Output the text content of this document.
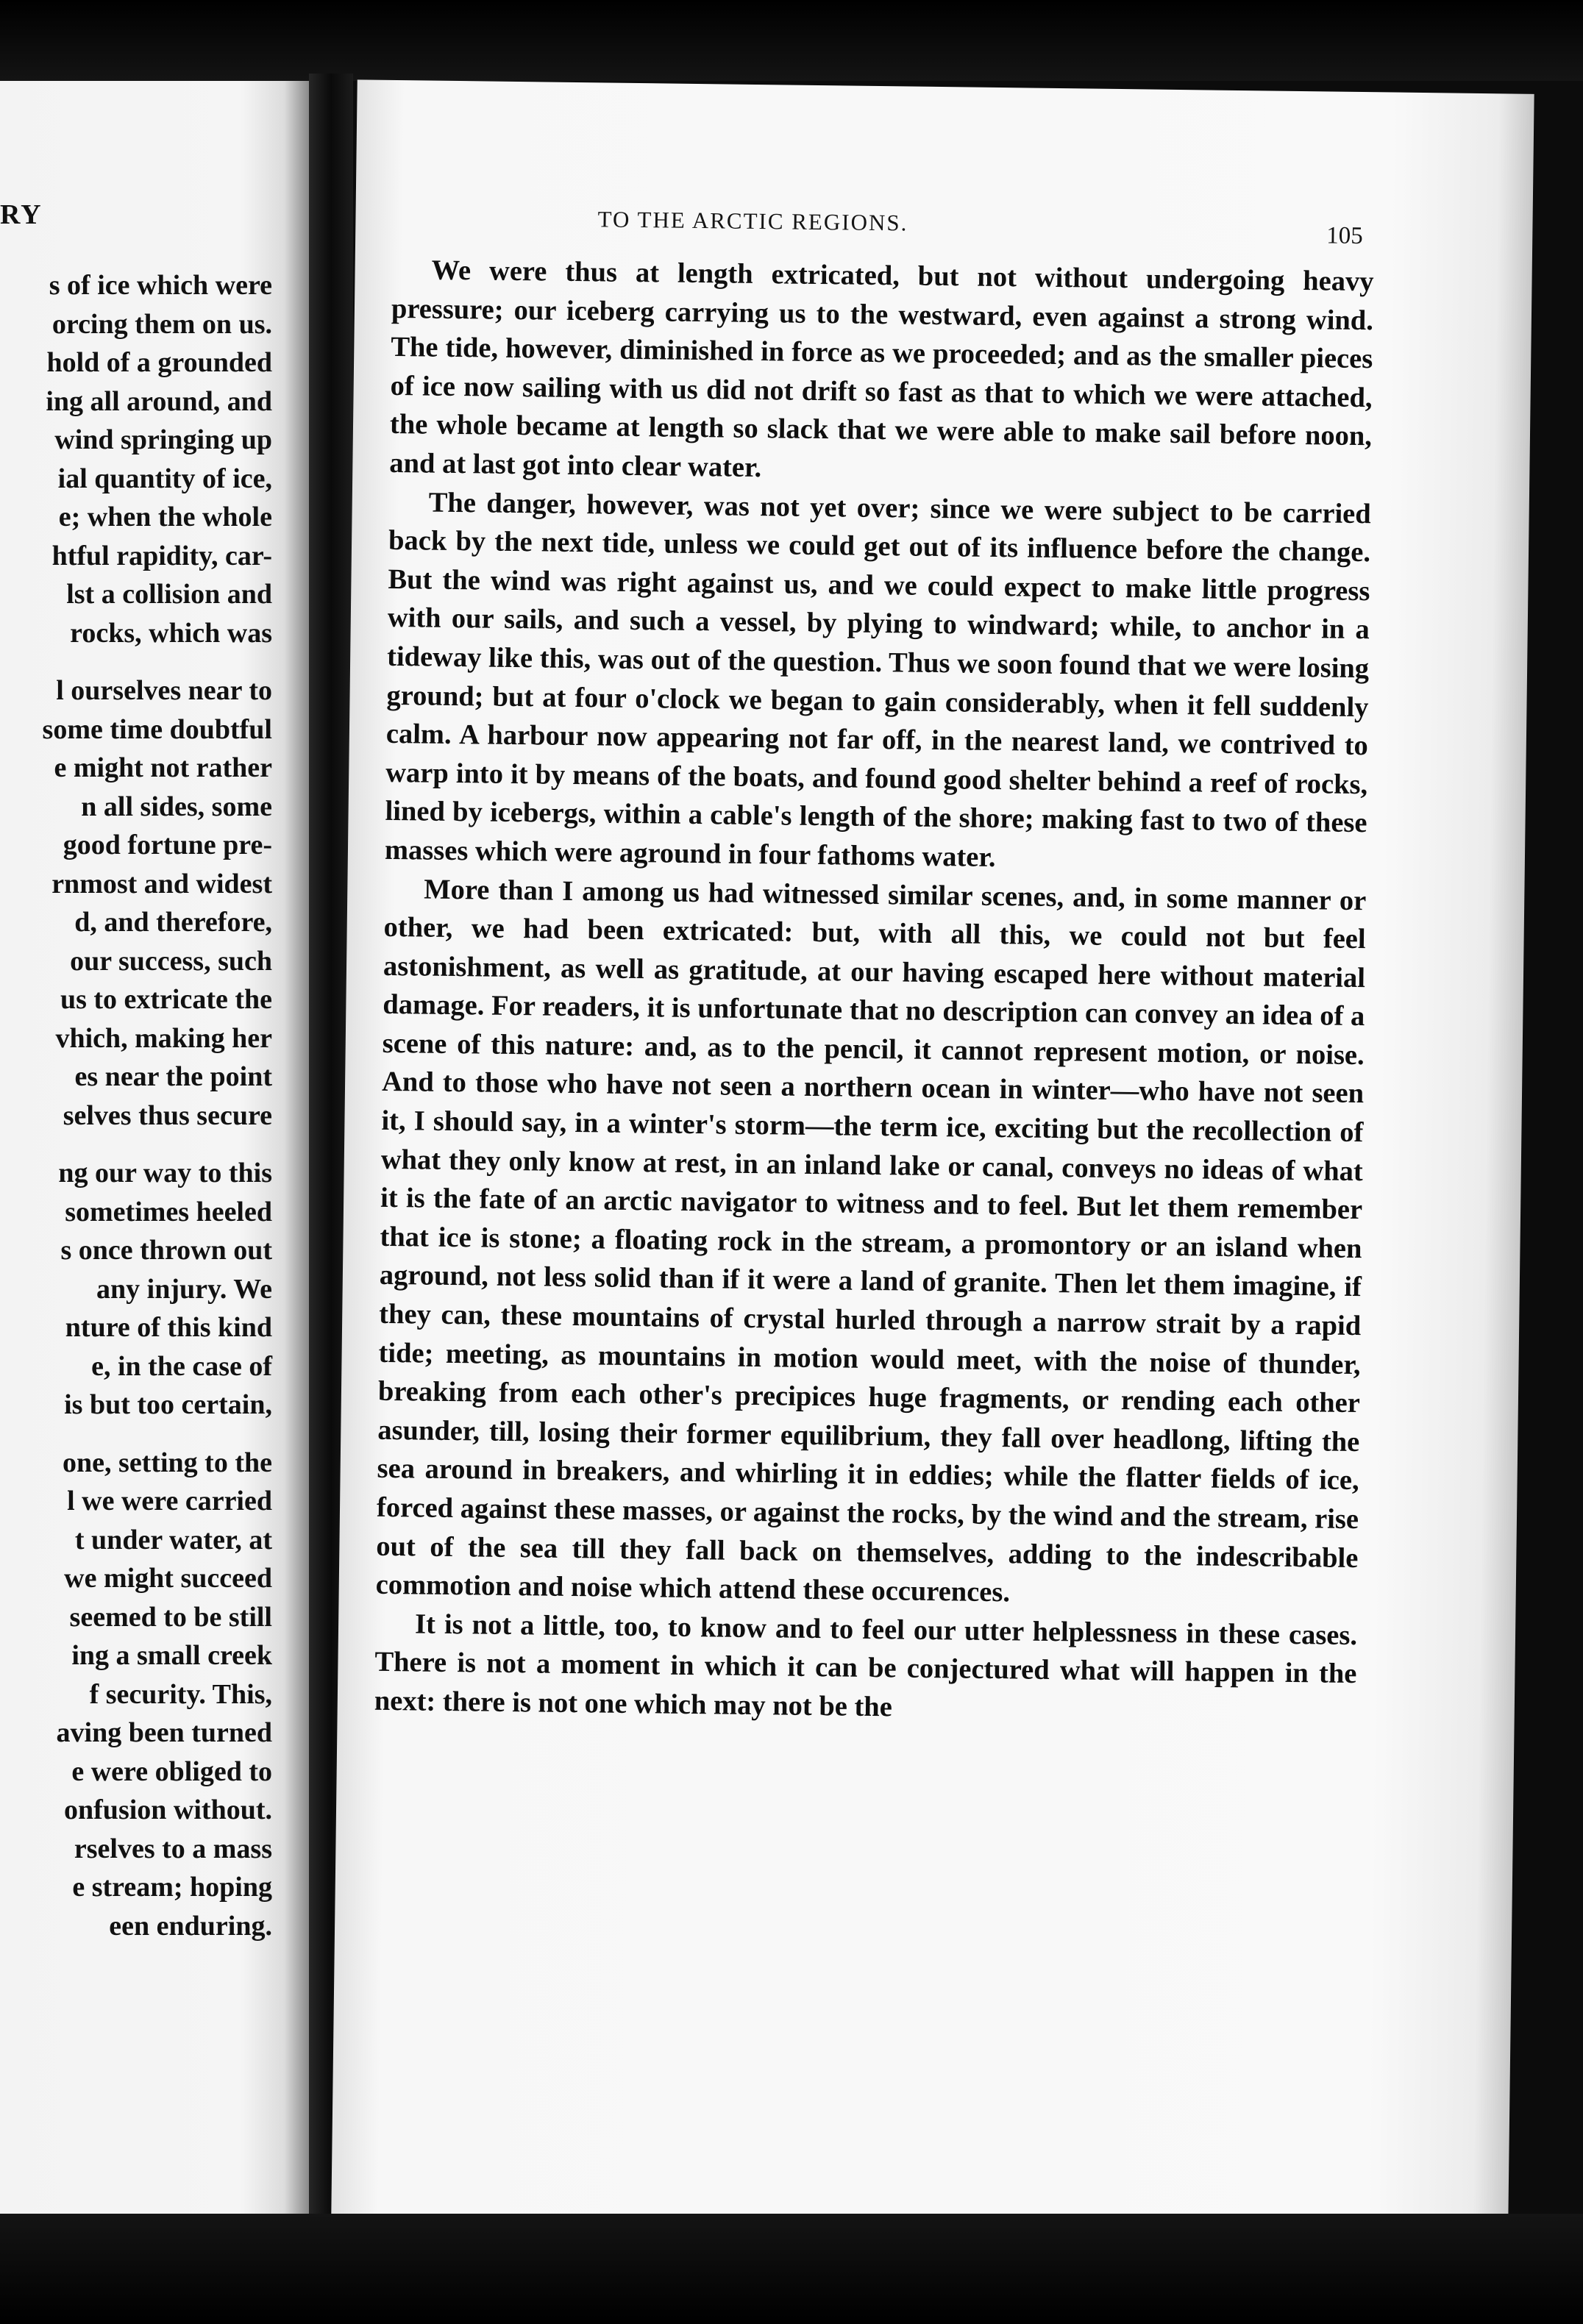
RY
s of ice which were
orcing them on us.
hold of a grounded
ing all around, and
wind springing up
ial quantity of ice,
e; when the whole
htful rapidity, car-
lst a collision and
rocks, which was
l ourselves near to
some time doubtful
e might not rather
n all sides, some
good fortune pre-
rnmost and widest
d, and therefore,
our success, such
us to extricate the
vhich, making her
es near the point
selves thus secure
ng our way to this
sometimes heeled
s once thrown out
any injury. We
nture of this kind
e, in the case of
is but too certain,
one, setting to the
l we were carried
t under water, at
we might succeed
seemed to be still
ing a small creek
f security. This,
aving been turned
e were obliged to
onfusion without.
rselves to a mass
e stream; hoping
een enduring.
TO THE ARCTIC REGIONS.
105

We were thus at length extricated, but not without undergoing heavy pressure; our iceberg carrying us to the westward, even against a strong wind. The tide, however, diminished in force as we proceeded; and as the smaller pieces of ice now sailing with us did not drift so fast as that to which we were attached, the whole became at length so slack that we were able to make sail before noon, and at last got into clear water.

The danger, however, was not yet over; since we were subject to be carried back by the next tide, unless we could get out of its influence before the change. But the wind was right against us, and we could expect to make little progress with our sails, and such a vessel, by plying to windward; while, to anchor in a tideway like this, was out of the question. Thus we soon found that we were losing ground; but at four o'clock we began to gain considerably, when it fell suddenly calm. A harbour now appearing not far off, in the nearest land, we contrived to warp into it by means of the boats, and found good shelter behind a reef of rocks, lined by icebergs, within a cable's length of the shore; making fast to two of these masses which were aground in four fathoms water.

More than I among us had witnessed similar scenes, and, in some manner or other, we had been extricated: but, with all this, we could not but feel astonishment, as well as gratitude, at our having escaped here without material damage. For readers, it is unfortunate that no description can convey an idea of a scene of this nature: and, as to the pencil, it cannot represent motion, or noise. And to those who have not seen a northern ocean in winter—who have not seen it, I should say, in a winter's storm—the term ice, exciting but the recollection of what they only know at rest, in an inland lake or canal, conveys no ideas of what it is the fate of an arctic navigator to witness and to feel. But let them remember that ice is stone; a floating rock in the stream, a promontory or an island when aground, not less solid than if it were a land of granite. Then let them imagine, if they can, these mountains of crystal hurled through a narrow strait by a rapid tide; meeting, as mountains in motion would meet, with the noise of thunder, breaking from each other's precipices huge fragments, or rending each other asunder, till, losing their former equilibrium, they fall over headlong, lifting the sea around in breakers, and whirling it in eddies; while the flatter fields of ice, forced against these masses, or against the rocks, by the wind and the stream, rise out of the sea till they fall back on themselves, adding to the indescribable commotion and noise which attend these occurences.

It is not a little, too, to know and to feel our utter helplessness in these cases. There is not a moment in which it can be conjectured what will happen in the next: there is not one which may not be the
